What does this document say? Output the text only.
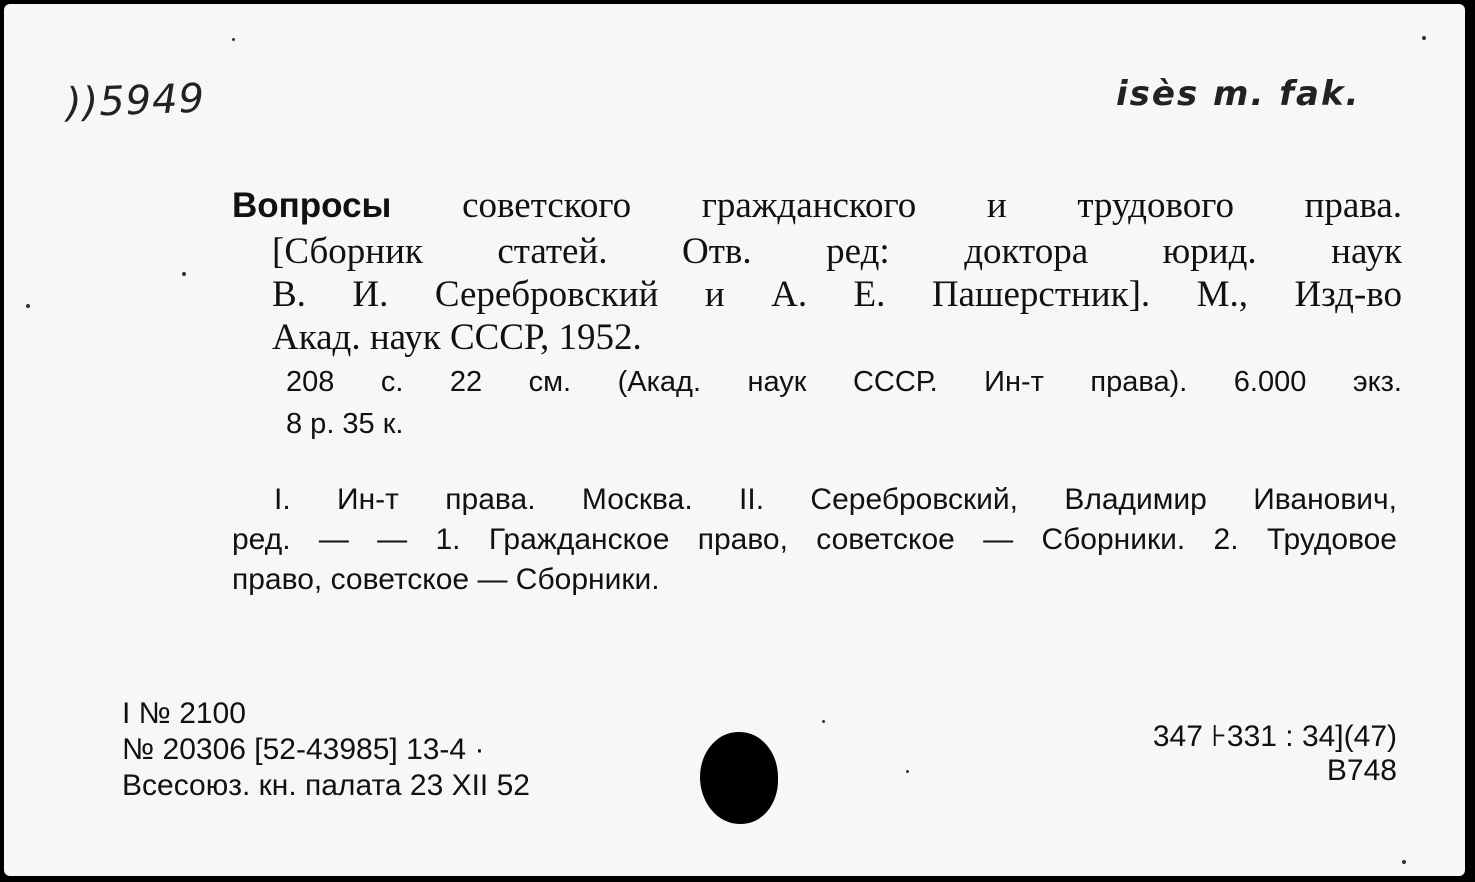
))5949	isès m. fak.
Вопросы советского гражданского и трудового права.
[Сборник статей. Отв. ред: доктора юрид. наук
В. И. Серебровский и А. Е. Пашерстник]. М., Изд-во
Акад. наук СССР, 1952.
208 с. 22 см. (Акад. наук СССР. Ин-т права). 6.000 экз.
8 р. 35 к.
I. Ин-т права. Москва. II. Серебровский, Владимир Иванович,
ред. — — 1. Гражданское право, советское — Сборники. 2. Трудовое
право, советское — Сборники.
I № 2100
№ 20306 [52-43985] 13-4 ·
Всесоюз. кн. палата 23 XII 52
347 ⊦331 : 34](47)
B748
